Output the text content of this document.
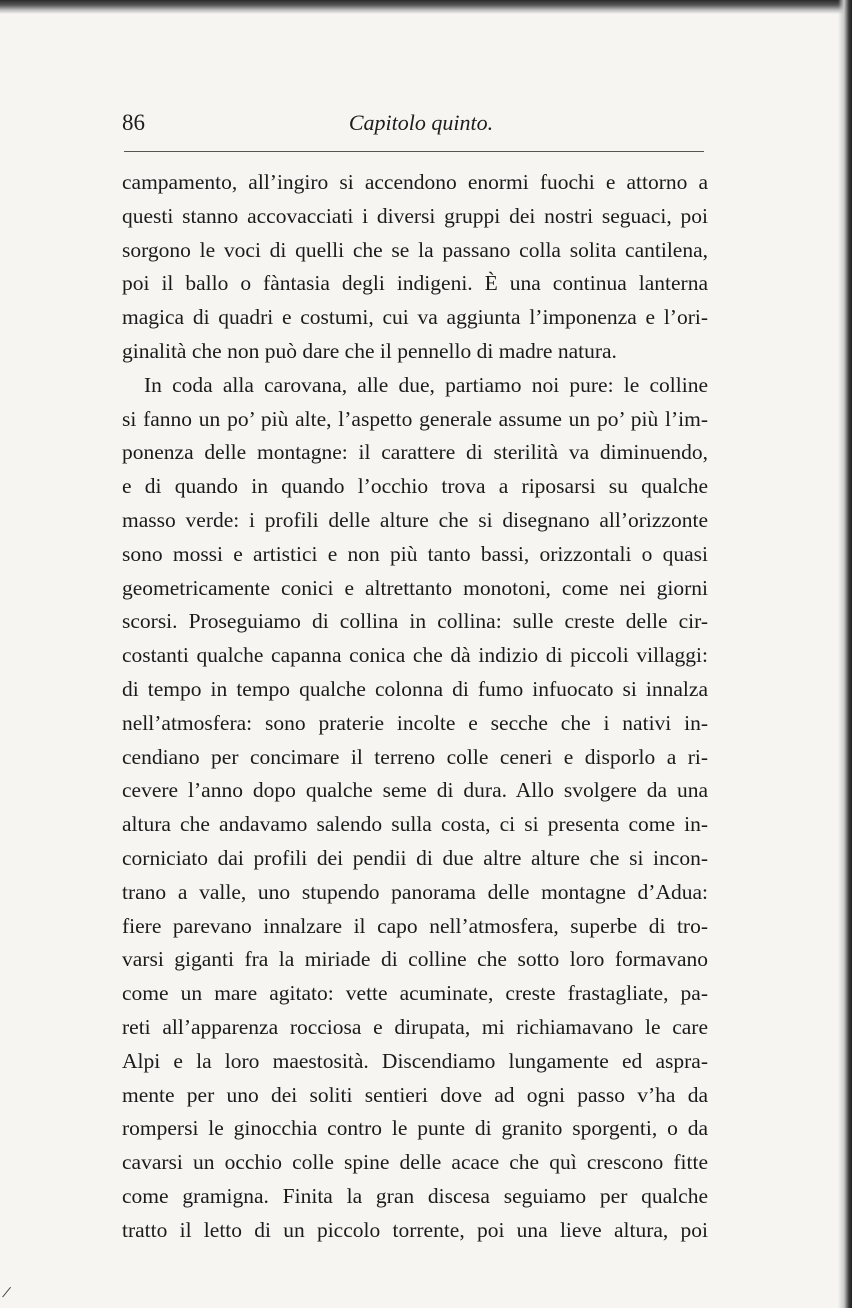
86	Capitolo quinto.
campamento, all’ingiro si accendono enormi fuochi e attorno a
questi stanno accovacciati i diversi gruppi dei nostri seguaci, poi
sorgono le voci di quelli che se la passano colla solita cantilena,
poi il ballo o fàntasia degli indigeni. È una continua lanterna
magica di quadri e costumi, cui va aggiunta l’imponenza e l’ori-
ginalità che non può dare che il pennello di madre natura.
In coda alla carovana, alle due, partiamo noi pure: le colline
si fanno un po’ più alte, l’aspetto generale assume un po’ più l’im-
ponenza delle montagne: il carattere di sterilità va diminuendo,
e di quando in quando l’occhio trova a riposarsi su qualche
masso verde: i profili delle alture che si disegnano all’orizzonte
sono mossi e artistici e non più tanto bassi, orizzontali o quasi
geometricamente conici e altrettanto monotoni, come nei giorni
scorsi. Proseguiamo di collina in collina: sulle creste delle cir-
costanti qualche capanna conica che dà indizio di piccoli villaggi:
di tempo in tempo qualche colonna di fumo infuocato si innalza
nell’atmosfera: sono praterie incolte e secche che i nativi in-
cendiano per concimare il terreno colle ceneri e disporlo a ri-
cevere l’anno dopo qualche seme di dura. Allo svolgere da una
altura che andavamo salendo sulla costa, ci si presenta come in-
corniciato dai profili dei pendii di due altre alture che si incon-
trano a valle, uno stupendo panorama delle montagne d’Adua:
fiere parevano innalzare il capo nell’atmosfera, superbe di tro-
varsi giganti fra la miriade di colline che sotto loro formavano
come un mare agitato: vette acuminate, creste frastagliate, pa-
reti all’apparenza rocciosa e dirupata, mi richiamavano le care
Alpi e la loro maestosità. Discendiamo lungamente ed aspra-
mente per uno dei soliti sentieri dove ad ogni passo v’ha da
rompersi le ginocchia contro le punte di granito sporgenti, o da
cavarsi un occhio colle spine delle acace che quì crescono fitte
come gramigna. Finita la gran discesa seguiamo per qualche
tratto il letto di un piccolo torrente, poi una lieve altura, poi
/
